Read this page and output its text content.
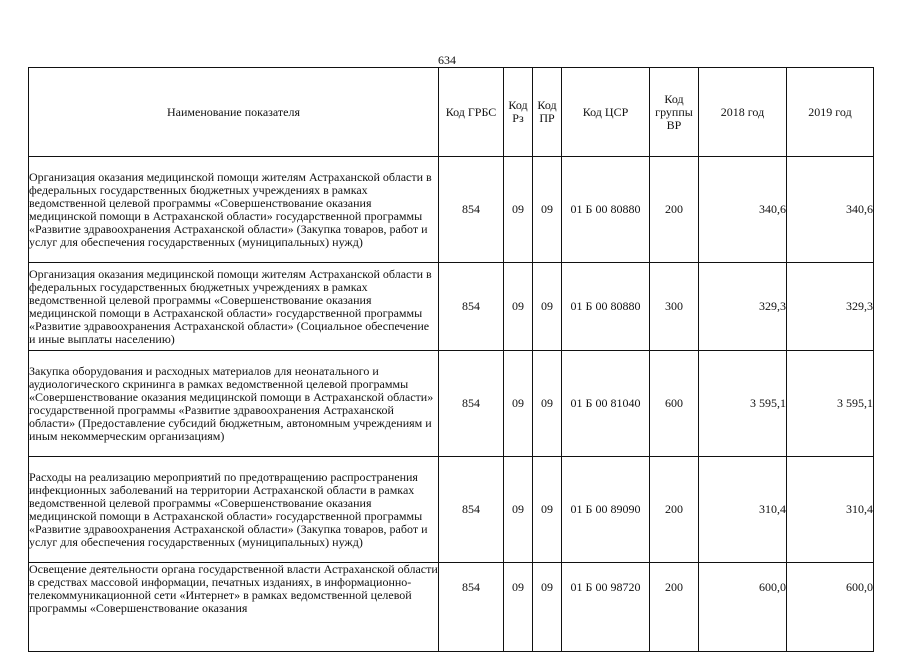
634
Наименование показателя	Код ГРБС	Код Рз	Код ПР	Код ЦСР	Код группы ВР	2018 год	2019 год
Организация оказания медицинской помощи жителям Астраханской области в федеральных государственных бюджетных учреждениях в рамках ведомственной целевой программы «Совершенствование оказания медицинской помощи в Астраханской области» государственной программы «Развитие здравоохранения Астраханской области» (Закупка товаров, работ и услуг для обеспечения государственных (муниципальных) нужд)	854	09	09	01 Б 00 80880	200	340,6	340,6
Организация оказания медицинской помощи жителям Астраханской области в федеральных государственных бюджетных учреждениях в рамках ведомственной целевой программы «Совершенствование оказания медицинской помощи в Астраханской области» государственной программы «Развитие здравоохранения Астраханской области» (Социальное обеспечение и иные выплаты населению)	854	09	09	01 Б 00 80880	300	329,3	329,3
Закупка оборудования и расходных материалов для неонатального и аудиологического скрининга в рамках ведомственной целевой программы «Совершенствование оказания медицинской помощи в Астраханской области» государственной программы «Развитие здравоохранения Астраханской области» (Предоставление субсидий бюджетным, автономным учреждениям и иным некоммерческим организациям)	854	09	09	01 Б 00 81040	600	3 595,1	3 595,1
Расходы на реализацию мероприятий по предотвращению распространения инфекционных заболеваний на территории Астраханской области в рамках ведомственной целевой программы «Совершенствование оказания медицинской помощи в Астраханской области» государственной программы «Развитие здравоохранения Астраханской области» (Закупка товаров, работ и услуг для обеспечения государственных (муниципальных) нужд)	854	09	09	01 Б 00 89090	200	310,4	310,4
Освещение деятельности органа государственной власти Астраханской области в средствах массовой информации, печатных изданиях, в информационно-телекоммуникационной сети «Интернет» в рамках ведомственной целевой программы «Совершенствование оказания	854	09	09	01 Б 00 98720	200	600,0	600,0
